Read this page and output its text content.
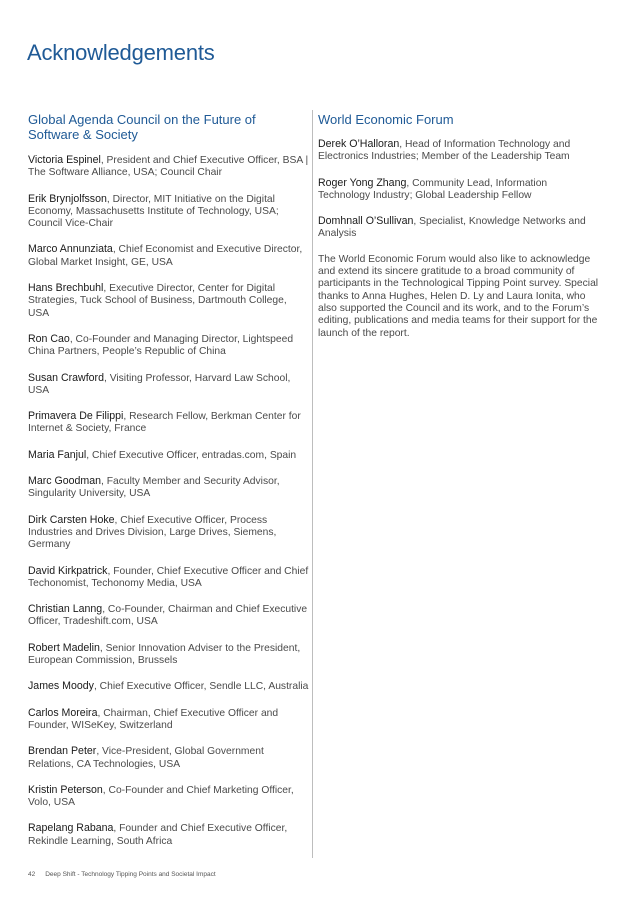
Acknowledgements
Global Agenda Council on the Future of Software & Society

Victoria Espinel, President and Chief Executive Officer, BSA | The Software Alliance, USA; Council Chair

Erik Brynjolfsson, Director, MIT Initiative on the Digital Economy, Massachusetts Institute of Technology, USA; Council Vice-Chair

Marco Annunziata, Chief Economist and Executive Director, Global Market Insight, GE, USA

Hans Brechbuhl, Executive Director, Center for Digital Strategies, Tuck School of Business, Dartmouth College, USA

Ron Cao, Co-Founder and Managing Director, Lightspeed China Partners, People’s Republic of China

Susan Crawford, Visiting Professor, Harvard Law School, USA

Primavera De Filippi, Research Fellow, Berkman Center for Internet & Society, France

Maria Fanjul, Chief Executive Officer, entradas.com, Spain

Marc Goodman, Faculty Member and Security Advisor, Singularity University, USA

Dirk Carsten Hoke, Chief Executive Officer, Process Industries and Drives Division, Large Drives, Siemens, Germany

David Kirkpatrick, Founder, Chief Executive Officer and Chief Techonomist, Techonomy Media, USA

Christian Lanng, Co-Founder, Chairman and Chief Executive Officer, Tradeshift.com, USA

Robert Madelin, Senior Innovation Adviser to the President, European Commission, Brussels

James Moody, Chief Executive Officer, Sendle LLC, Australia

Carlos Moreira, Chairman, Chief Executive Officer and Founder, WISeKey, Switzerland

Brendan Peter, Vice-President, Global Government Relations, CA Technologies, USA

Kristin Peterson, Co-Founder and Chief Marketing Officer, Volo, USA

Rapelang Rabana, Founder and Chief Executive Officer, Rekindle Learning, South Africa

World Economic Forum

Derek O’Halloran, Head of Information Technology and Electronics Industries; Member of the Leadership Team

Roger Yong Zhang, Community Lead, Information Technology Industry; Global Leadership Fellow

Domhnall O’Sullivan, Specialist, Knowledge Networks and Analysis

The World Economic Forum would also like to acknowledge and extend its sincere gratitude to a broad community of participants in the Technological Tipping Point survey. Special thanks to Anna Hughes, Helen D. Ly and Laura Ionita, who also supported the Council and its work, and to the Forum’s editing, publications and media teams for their support for the launch of the report.

42 Deep Shift - Technology Tipping Points and Societal Impact
